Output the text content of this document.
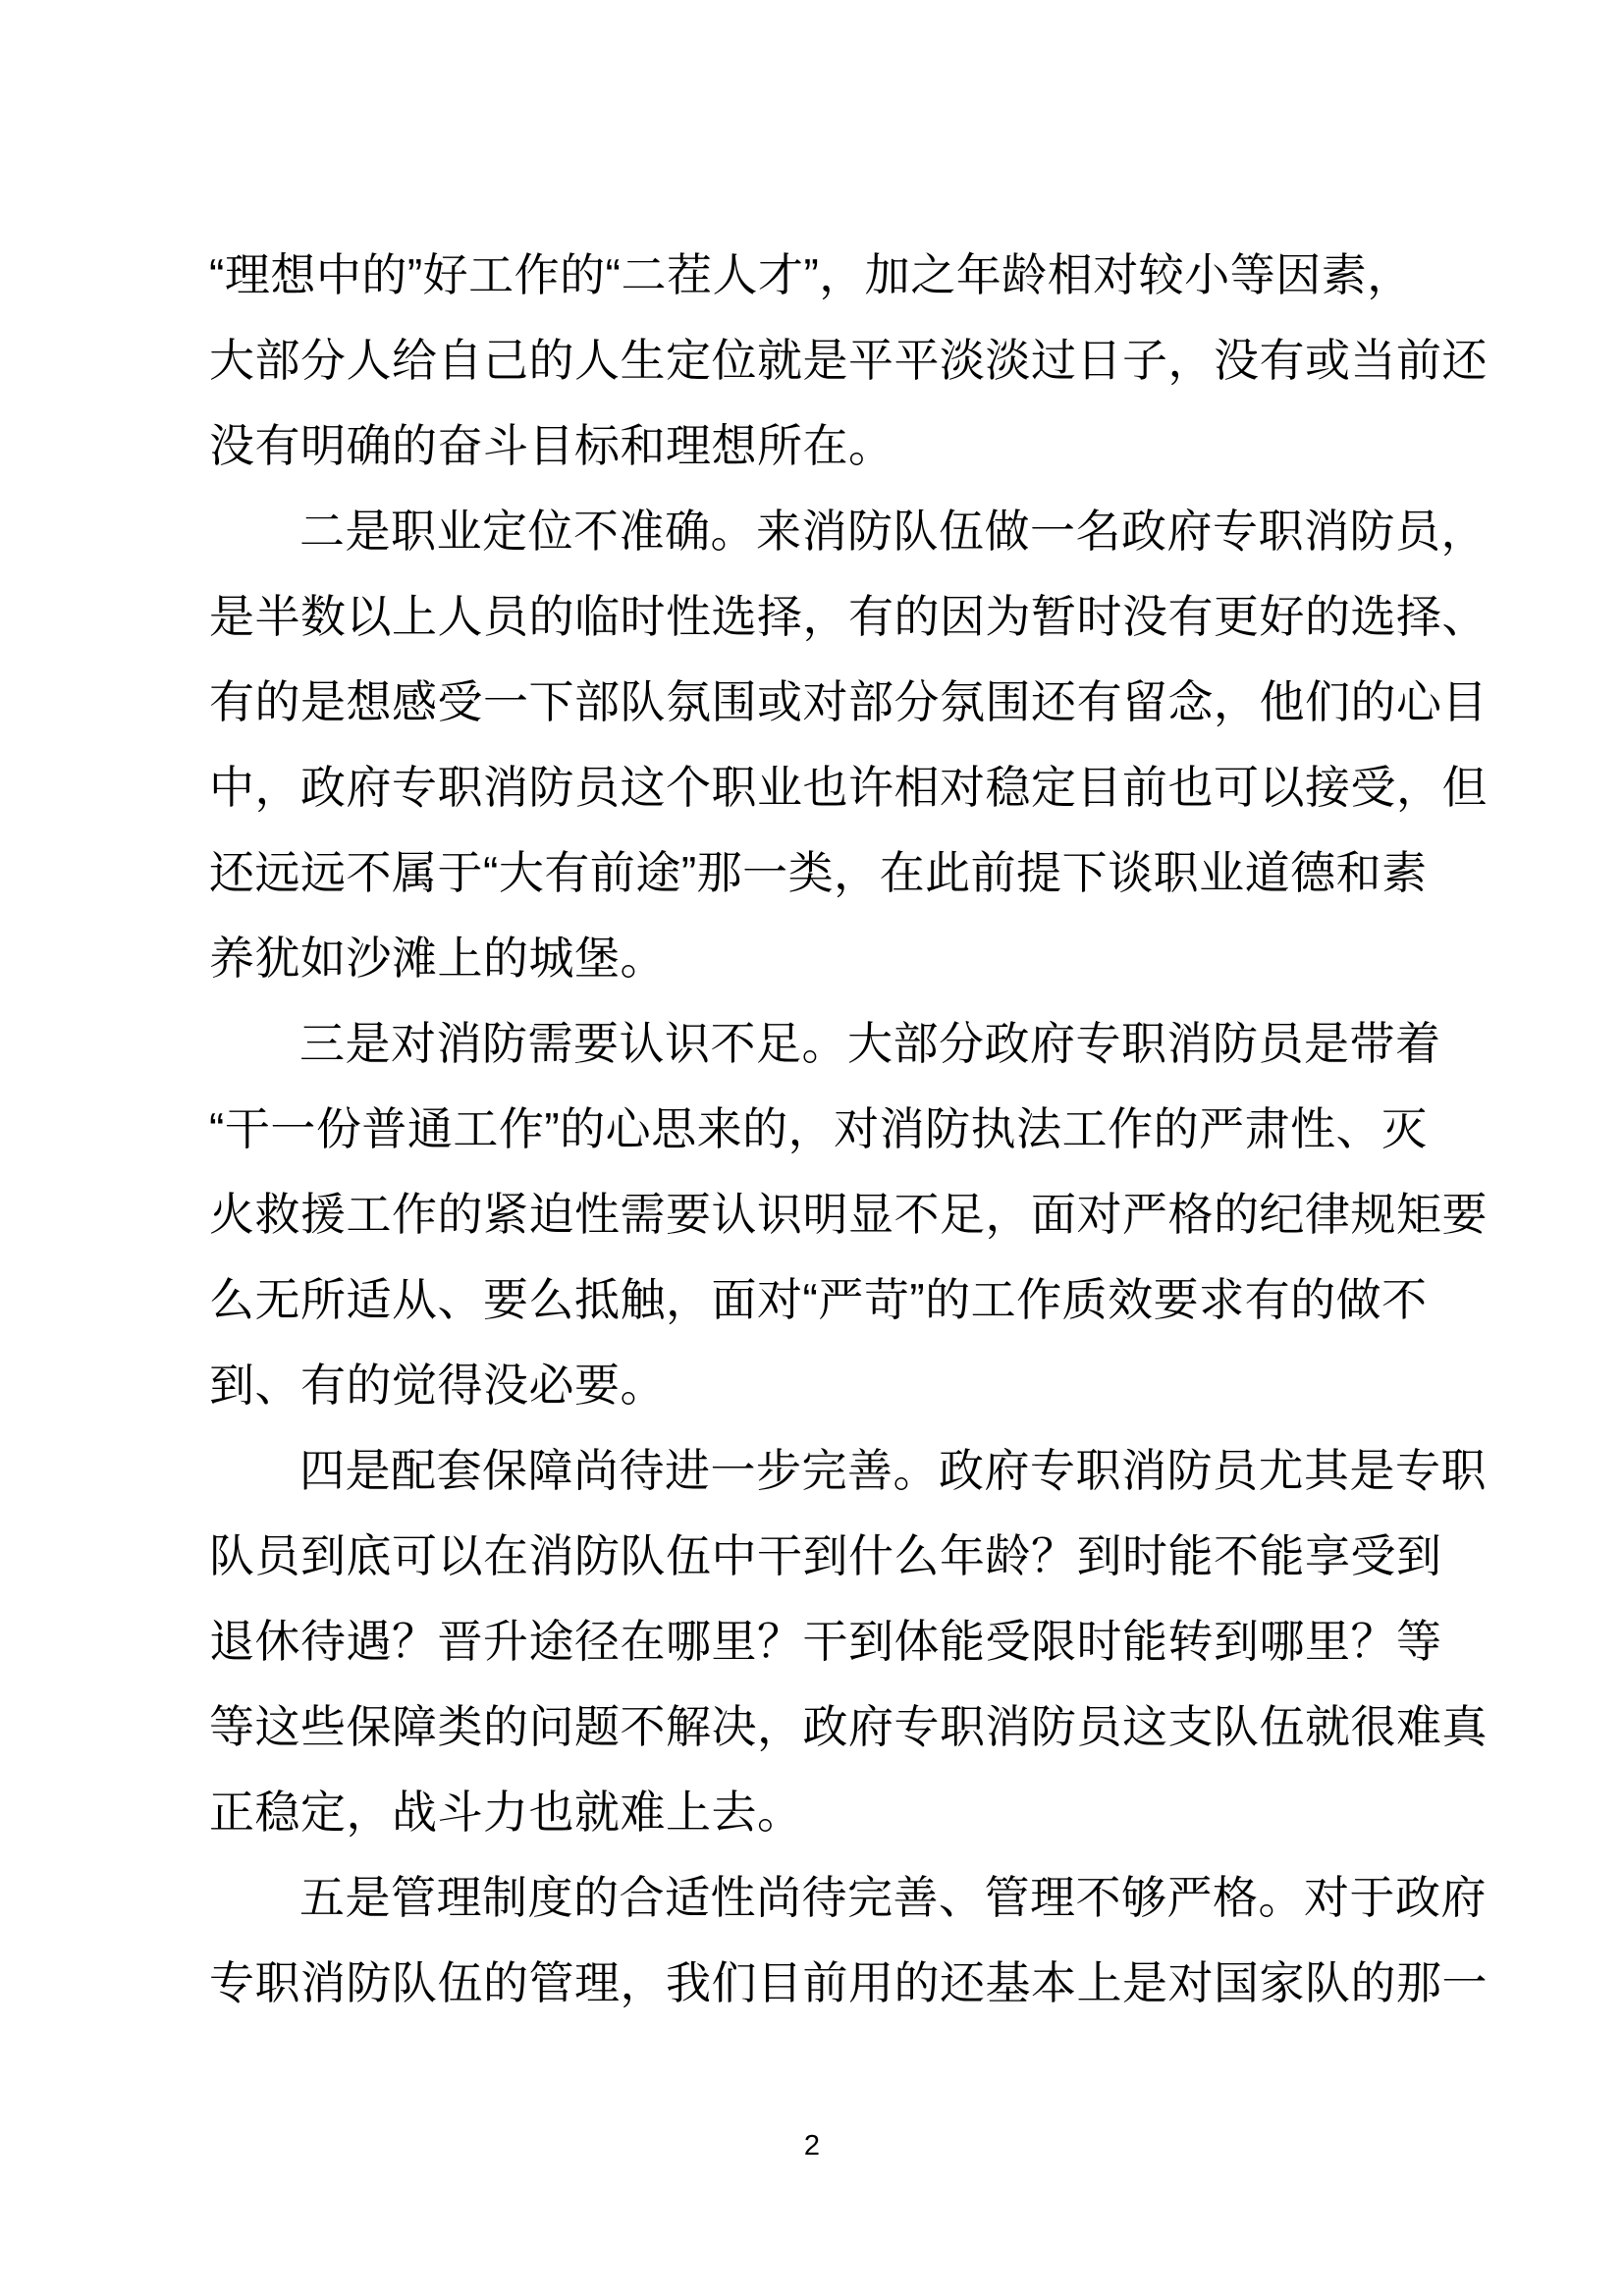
“理想中的”好工作的“二茬人才”，加之年龄相对较小等因素，
大部分人给自己的人生定位就是平平淡淡过日子，没有或当前还
没有明确的奋斗目标和理想所在。
二是职业定位不准确。来消防队伍做一名政府专职消防员，
是半数以上人员的临时性选择，有的因为暂时没有更好的选择、
有的是想感受一下部队氛围或对部分氛围还有留念，他们的心目
中，政府专职消防员这个职业也许相对稳定目前也可以接受，但
还远远不属于“大有前途”那一类，在此前提下谈职业道德和素
养犹如沙滩上的城堡。
三是对消防需要认识不足。大部分政府专职消防员是带着
“干一份普通工作”的心思来的，对消防执法工作的严肃性、灭
火救援工作的紧迫性需要认识明显不足，面对严格的纪律规矩要
么无所适从、要么抵触，面对“严苛”的工作质效要求有的做不
到、有的觉得没必要。
四是配套保障尚待进一步完善。政府专职消防员尤其是专职
队员到底可以在消防队伍中干到什么年龄？到时能不能享受到
退休待遇？晋升途径在哪里？干到体能受限时能转到哪里？等
等这些保障类的问题不解决，政府专职消防员这支队伍就很难真
正稳定，战斗力也就难上去。
五是管理制度的合适性尚待完善、管理不够严格。对于政府
专职消防队伍的管理，我们目前用的还基本上是对国家队的那一
2
